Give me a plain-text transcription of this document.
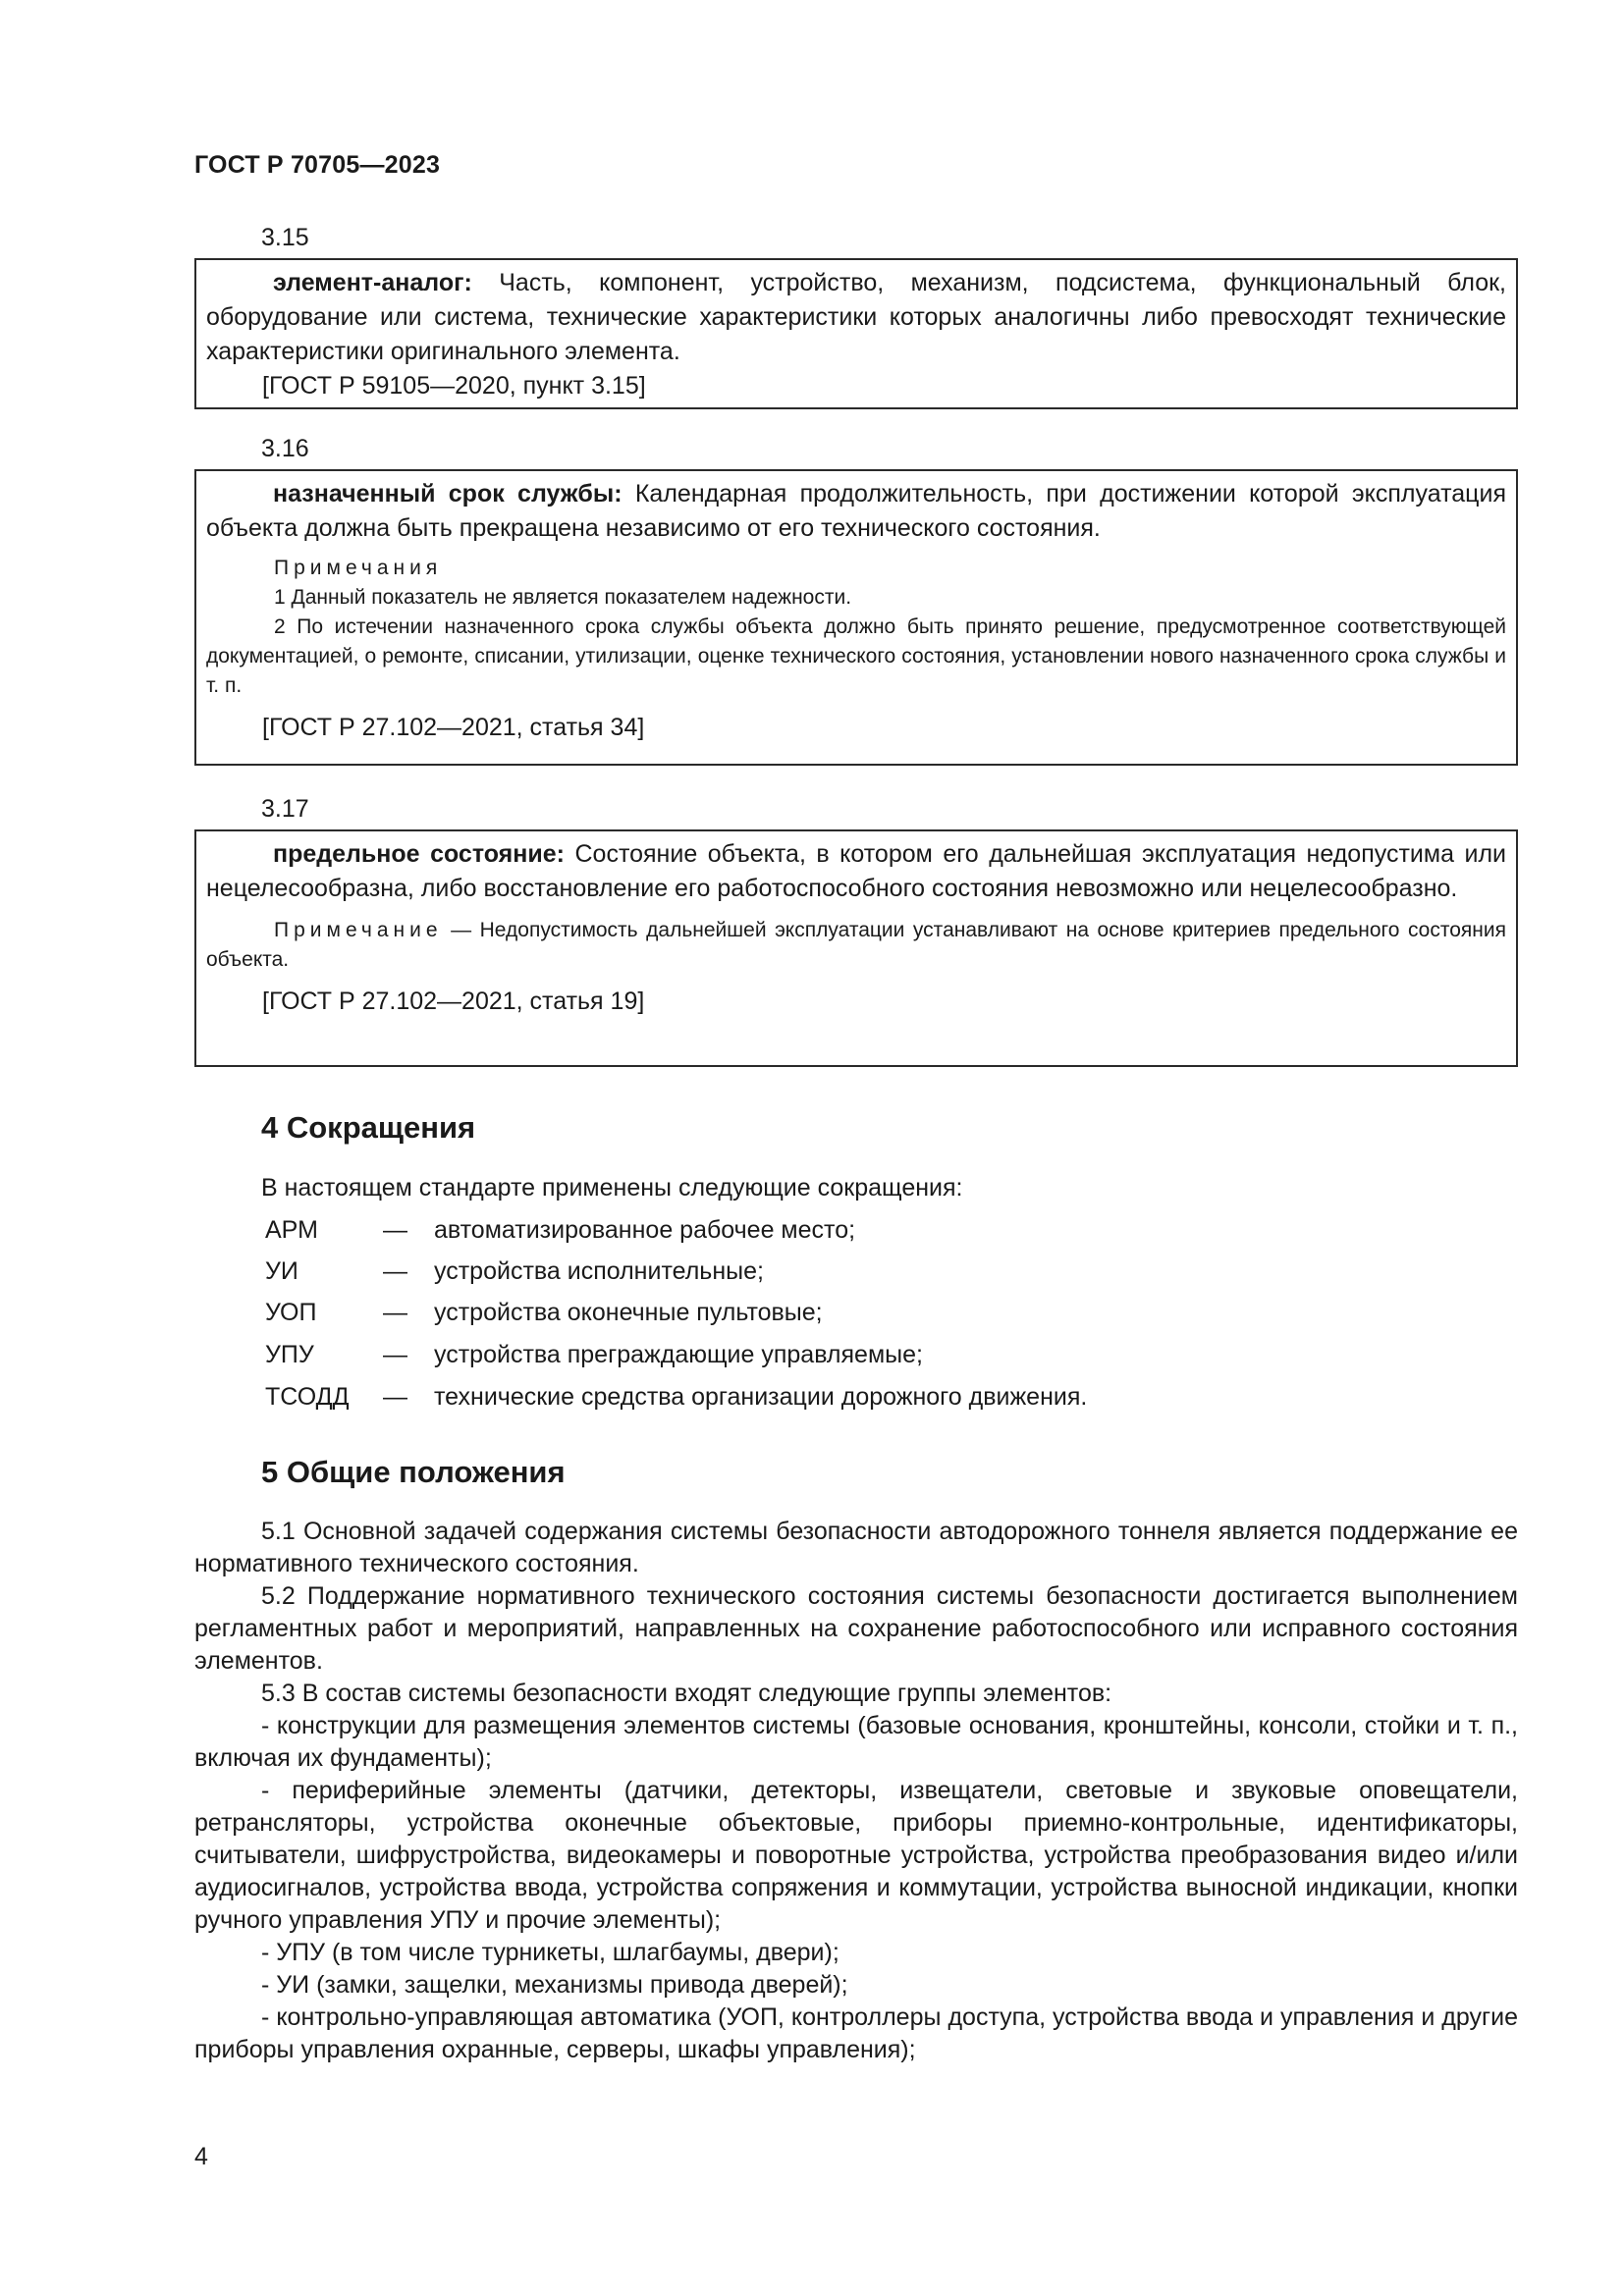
ГОСТ Р 70705—2023
3.15

элемент-аналог: Часть, компонент, устройство, механизм, подсистема, функциональный блок, оборудование или система, технические характеристики которых аналогичны либо превосходят технические характеристики оригинального элемента.

[ГОСТ Р 59105—2020, пункт 3.15]

3.16

назначенный срок службы: Календарная продолжительность, при достижении которой эксплуатация объекта должна быть прекращена независимо от его технического состояния.

Примечания

1 Данный показатель не является показателем надежности.

2 По истечении назначенного срока службы объекта должно быть принято решение, предусмотренное соответствующей документацией, о ремонте, списании, утилизации, оценке технического состояния, установлении нового назначенного срока службы и т. п.

[ГОСТ Р 27.102—2021, статья 34]

3.17

предельное состояние: Состояние объекта, в котором его дальнейшая эксплуатация недопустима или нецелесообразна, либо восстановление его работоспособного состояния невозможно или нецелесообразно.

Примечание — Недопустимость дальнейшей эксплуатации устанавливают на основе критериев предельного состояния объекта.

[ГОСТ Р 27.102—2021, статья 19]

4 Сокращения
В настоящем стандарте применены следующие сокращения:
АРМ	—	автоматизированное рабочее место;
УИ	—	устройства исполнительные;
УОП	—	устройства оконечные пультовые;
УПУ	—	устройства преграждающие управляемые;
ТСОДД	—	технические средства организации дорожного движения.
5 Общие положения

5.1 Основной задачей содержания системы безопасности автодорожного тоннеля является поддержание ее нормативного технического состояния.

5.2 Поддержание нормативного технического состояния системы безопасности достигается выполнением регламентных работ и мероприятий, направленных на сохранение работоспособного или исправного состояния элементов.

5.3 В состав системы безопасности входят следующие группы элементов:

- конструкции для размещения элементов системы (базовые основания, кронштейны, консоли, стойки и т. п., включая их фундаменты);

- периферийные элементы (датчики, детекторы, извещатели, световые и звуковые оповещатели, ретрансляторы, устройства оконечные объектовые, приборы приемно-контрольные, идентификаторы, считыватели, шифрустройства, видеокамеры и поворотные устройства, устройства преобразования видео и/или аудиосигналов, устройства ввода, устройства сопряжения и коммутации, устройства выносной индикации, кнопки ручного управления УПУ и прочие элементы);

- УПУ (в том числе турникеты, шлагбаумы, двери);

- УИ (замки, защелки, механизмы привода дверей);

- контрольно-управляющая автоматика (УОП, контроллеры доступа, устройства ввода и управления и другие приборы управления охранные, серверы, шкафы управления);

4
